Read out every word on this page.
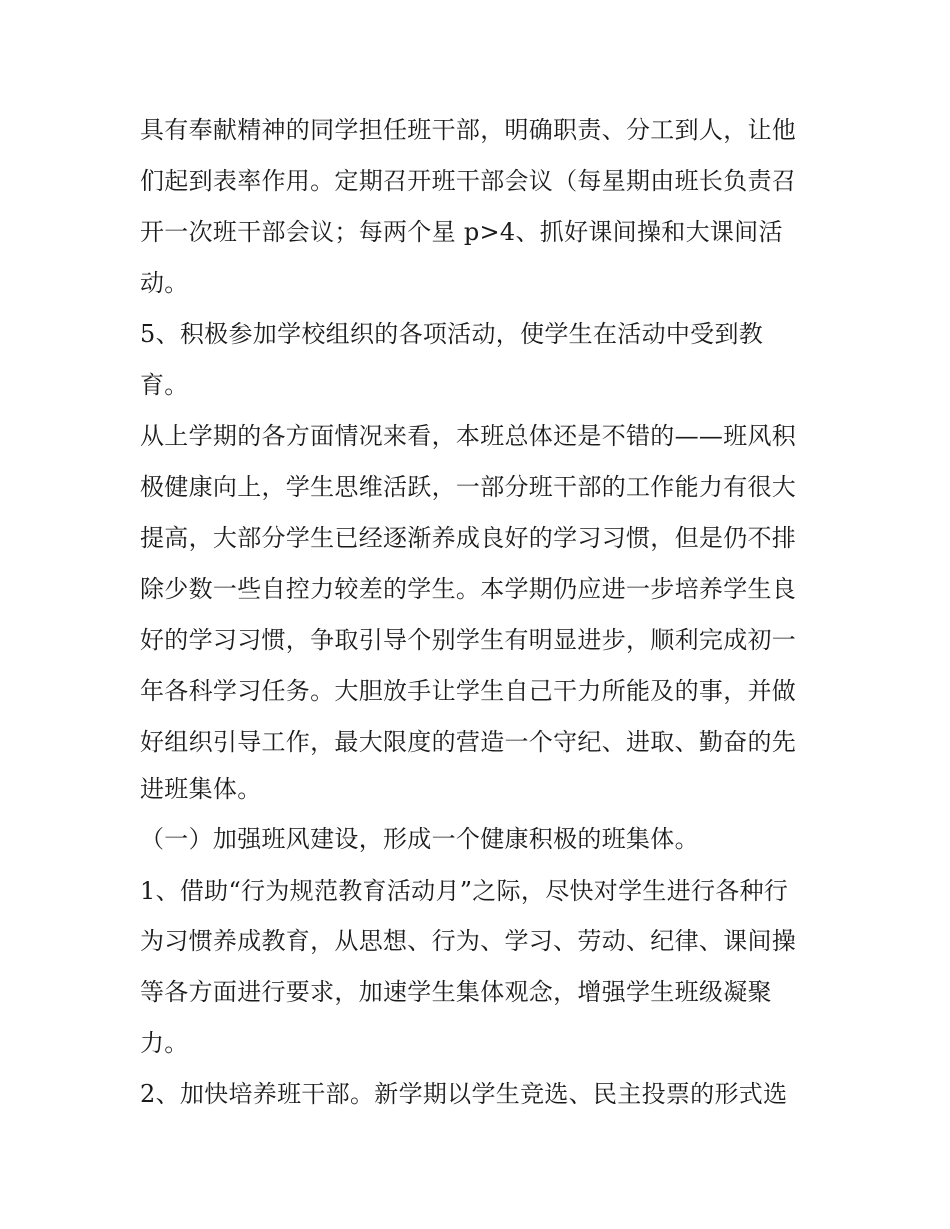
具有奉献精神的同学担任班干部，明确职责、分工到人，让他
们起到表率作用。定期召开班干部会议（每星期由班长负责召
开一次班干部会议；每两个星 p>4、抓好课间操和大课间活
动。
5、积极参加学校组织的各项活动，使学生在活动中受到教
育。
从上学期的各方面情况来看，本班总体还是不错的——班风积
极健康向上，学生思维活跃，一部分班干部的工作能力有很大
提高，大部分学生已经逐渐养成良好的学习习惯，但是仍不排
除少数一些自控力较差的学生。本学期仍应进一步培养学生良
好的学习习惯，争取引导个别学生有明显进步，顺利完成初一
年各科学习任务。大胆放手让学生自己干力所能及的事，并做
好组织引导工作，最大限度的营造一个守纪、进取、勤奋的先
进班集体。
（一）加强班风建设，形成一个健康积极的班集体。
1、借助“行为规范教育活动月”之际，尽快对学生进行各种行
为习惯养成教育，从思想、行为、学习、劳动、纪律、课间操
等各方面进行要求，加速学生集体观念，增强学生班级凝聚
力。
2、加快培养班干部。新学期以学生竞选、民主投票的形式选
